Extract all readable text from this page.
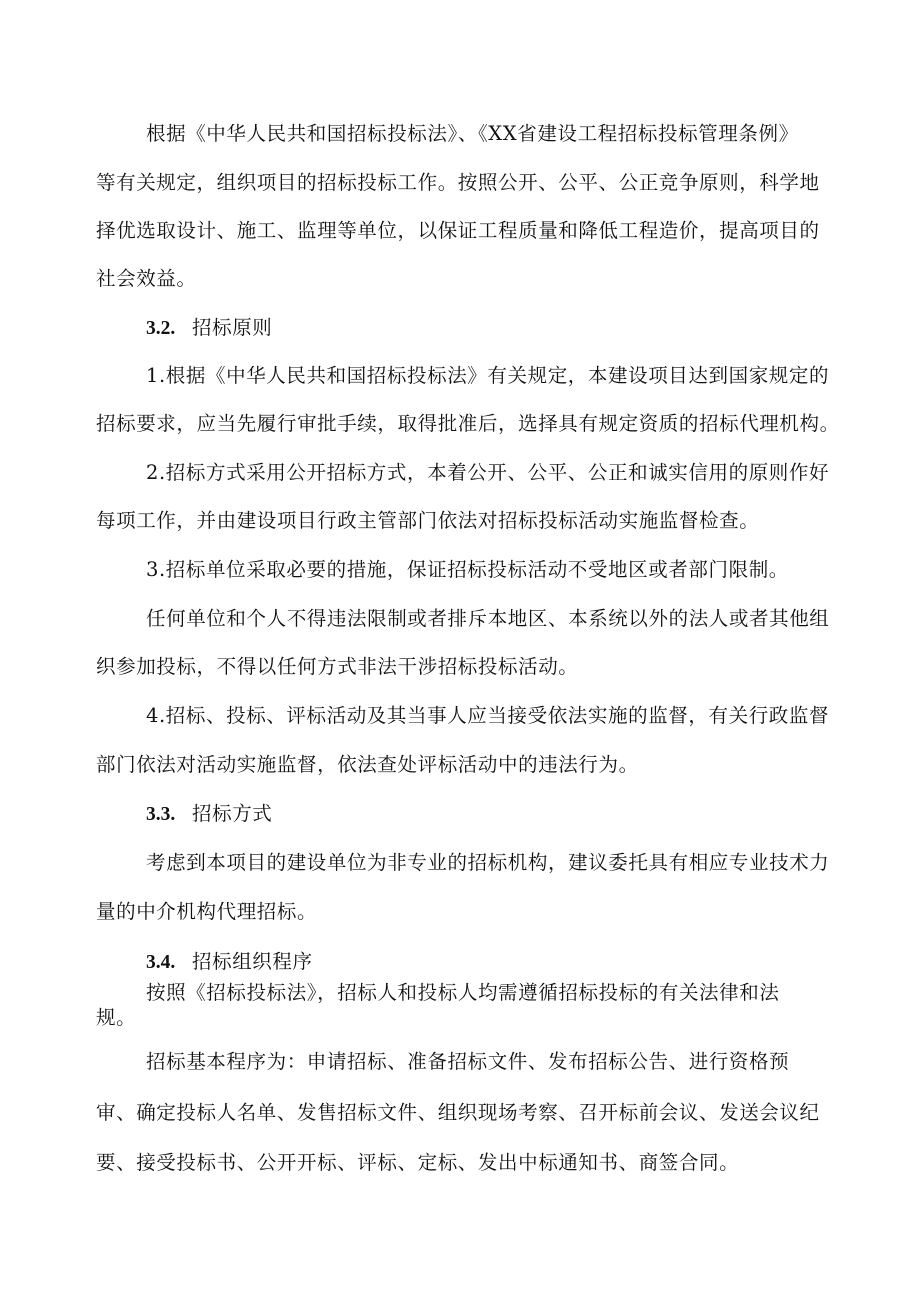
根据《中华人民共和国招标投标法》、《XX省建设工程招标投标管理条例》
等有关规定，组织项目的招标投标工作。按照公开、公平、公正竞争原则，科学地
择优选取设计、施工、监理等单位，以保证工程质量和降低工程造价，提高项目的
社会效益。
3.2. 招标原则
1.根据《中华人民共和国招标投标法》有关规定，本建设项目达到国家规定的
招标要求，应当先履行审批手续，取得批准后，选择具有规定资质的招标代理机构。
2.招标方式采用公开招标方式，本着公开、公平、公正和诚实信用的原则作好
每项工作，并由建设项目行政主管部门依法对招标投标活动实施监督检查。
3.招标单位采取必要的措施，保证招标投标活动不受地区或者部门限制。
任何单位和个人不得违法限制或者排斥本地区、本系统以外的法人或者其他组
织参加投标，不得以任何方式非法干涉招标投标活动。
4.招标、投标、评标活动及其当事人应当接受依法实施的监督，有关行政监督
部门依法对活动实施监督，依法查处评标活动中的违法行为。
3.3. 招标方式
考虑到本项目的建设单位为非专业的招标机构，建议委托具有相应专业技术力
量的中介机构代理招标。
3.4. 招标组织程序
按照《招标投标法》，招标人和投标人均需遵循招标投标的有关法律和法
规。
招标基本程序为：申请招标、准备招标文件、发布招标公告、进行资格预
审、确定投标人名单、发售招标文件、组织现场考察、召开标前会议、发送会议纪
要、接受投标书、公开开标、评标、定标、发出中标通知书、商签合同。
